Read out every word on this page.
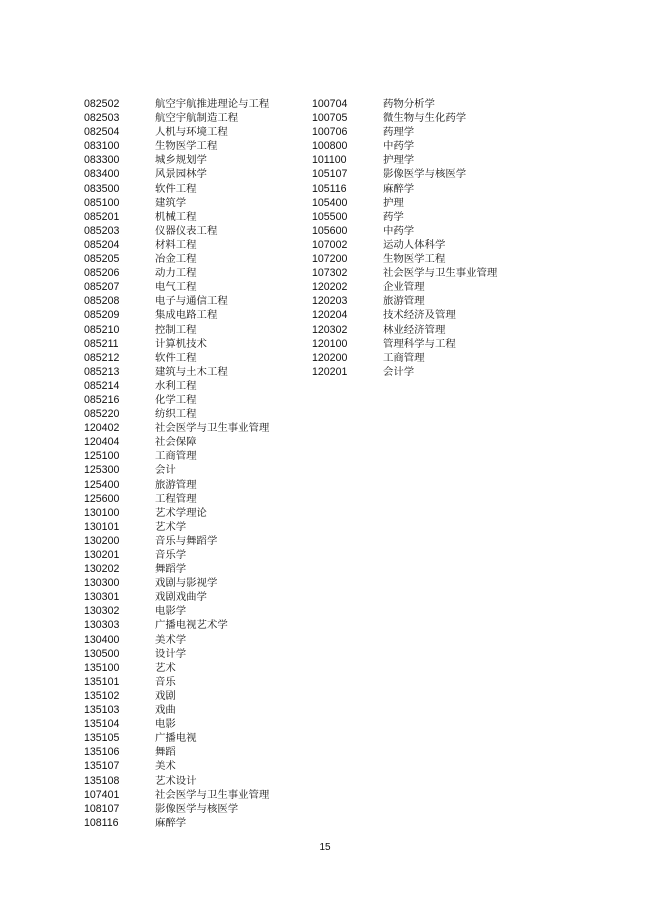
082502	航空宇航推进理论与工程
082503	航空宇航制造工程
082504	人机与环境工程
083100	生物医学工程
083300	城乡规划学
083400	风景园林学
083500	软件工程
085100	建筑学
085201	机械工程
085203	仪器仪表工程
085204	材料工程
085205	冶金工程
085206	动力工程
085207	电气工程
085208	电子与通信工程
085209	集成电路工程
085210	控制工程
085211	计算机技术
085212	软件工程
085213	建筑与土木工程
085214	水利工程
085216	化学工程
085220	纺织工程
120402	社会医学与卫生事业管理
120404	社会保障
125100	工商管理
125300	会计
125400	旅游管理
125600	工程管理
130100	艺术学理论
130101	艺术学
130200	音乐与舞蹈学
130201	音乐学
130202	舞蹈学
130300	戏剧与影视学
130301	戏剧戏曲学
130302	电影学
130303	广播电视艺术学
130400	美术学
130500	设计学
135100	艺术
135101	音乐
135102	戏剧
135103	戏曲
135104	电影
135105	广播电视
135106	舞蹈
135107	美术
135108	艺术设计
107401	社会医学与卫生事业管理
108107	影像医学与核医学
108116	麻醉学
100704	药物分析学
100705	微生物与生化药学
100706	药理学
100800	中药学
101100	护理学
105107	影像医学与核医学
105116	麻醉学
105400	护理
105500	药学
105600	中药学
107002	运动人体科学
107200	生物医学工程
107302	社会医学与卫生事业管理
120202	企业管理
120203	旅游管理
120204	技术经济及管理
120302	林业经济管理
120100	管理科学与工程
120200	工商管理
120201	会计学
15
